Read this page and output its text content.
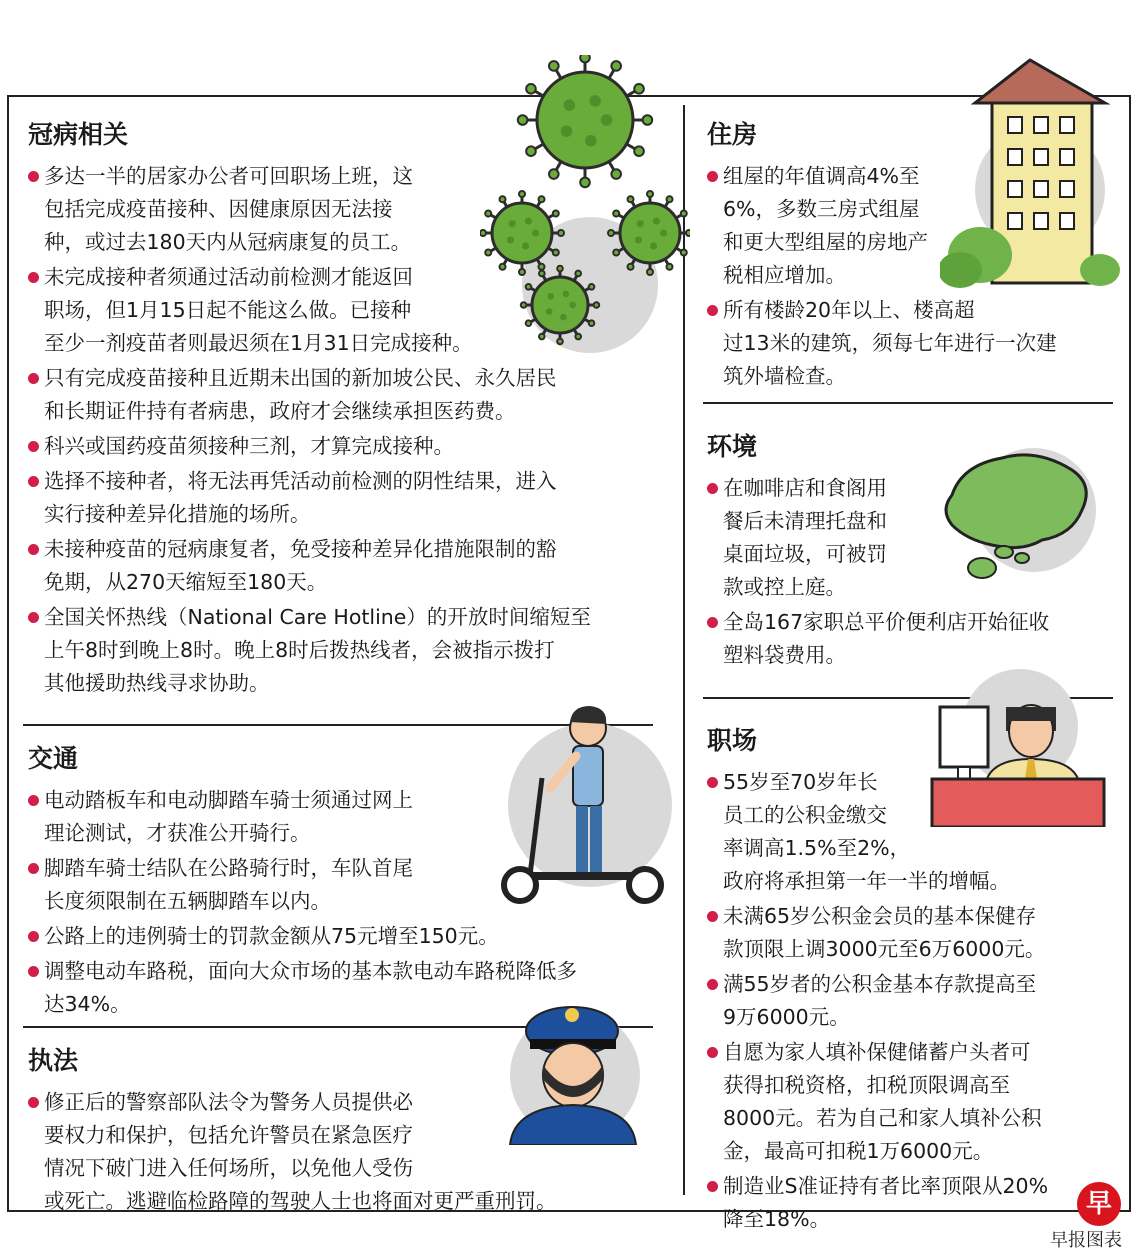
冠病相关
多达一半的居家办公者可回职场上班，这
包括完成疫苗接种、因健康原因无法接
种，或过去180天内从冠病康复的员工。
未完成接种者须通过活动前检测才能返回
职场，但1月15日起不能这么做。已接种
至少一剂疫苗者则最迟须在1月31日完成接种。
只有完成疫苗接种且近期未出国的新加坡公民、永久居民
和长期证件持有者病患，政府才会继续承担医药费。
科兴或国药疫苗须接种三剂，才算完成接种。
选择不接种者，将无法再凭活动前检测的阴性结果，进入
实行接种差异化措施的场所。
未接种疫苗的冠病康复者，免受接种差异化措施限制的豁
免期，从270天缩短至180天。
全国关怀热线（National Care Hotline）的开放时间缩短至
上午8时到晚上8时。晚上8时后拨热线者，会被指示拨打
其他援助热线寻求协助。
交通
电动踏板车和电动脚踏车骑士须通过网上
理论测试，才获准公开骑行。
脚踏车骑士结队在公路骑行时，车队首尾
长度须限制在五辆脚踏车以内。
公路上的违例骑士的罚款金额从75元增至150元。
调整电动车路税，面向大众市场的基本款电动车路税降低多
达34%。
执法
修正后的警察部队法令为警务人员提供必
要权力和保护，包括允许警员在紧急医疗
情况下破门进入任何场所，以免他人受伤
或死亡。逃避临检路障的驾驶人士也将面对更严重刑罚。
住房
组屋的年值调高4%至
6%，多数三房式组屋
和更大型组屋的房地产
税相应增加。
所有楼龄20年以上、楼高超
过13米的建筑，须每七年进行一次建
筑外墙检查。
环境
在咖啡店和食阁用
餐后未清理托盘和
桌面垃圾，可被罚
款或控上庭。
全岛167家职总平价便利店开始征收
塑料袋费用。
职场
55岁至70岁年长
员工的公积金缴交
率调高1.5%至2%，
政府将承担第一年一半的增幅。
未满65岁公积金会员的基本保健存
款顶限上调3000元至6万6000元。
满55岁者的公积金基本存款提高至
9万6000元。
自愿为家人填补保健储蓄户头者可
获得扣税资格，扣税顶限调高至
8000元。若为自己和家人填补公积
金，最高可扣税1万6000元。
制造业S准证持有者比率顶限从20%
降至18%。	早
早报图表
